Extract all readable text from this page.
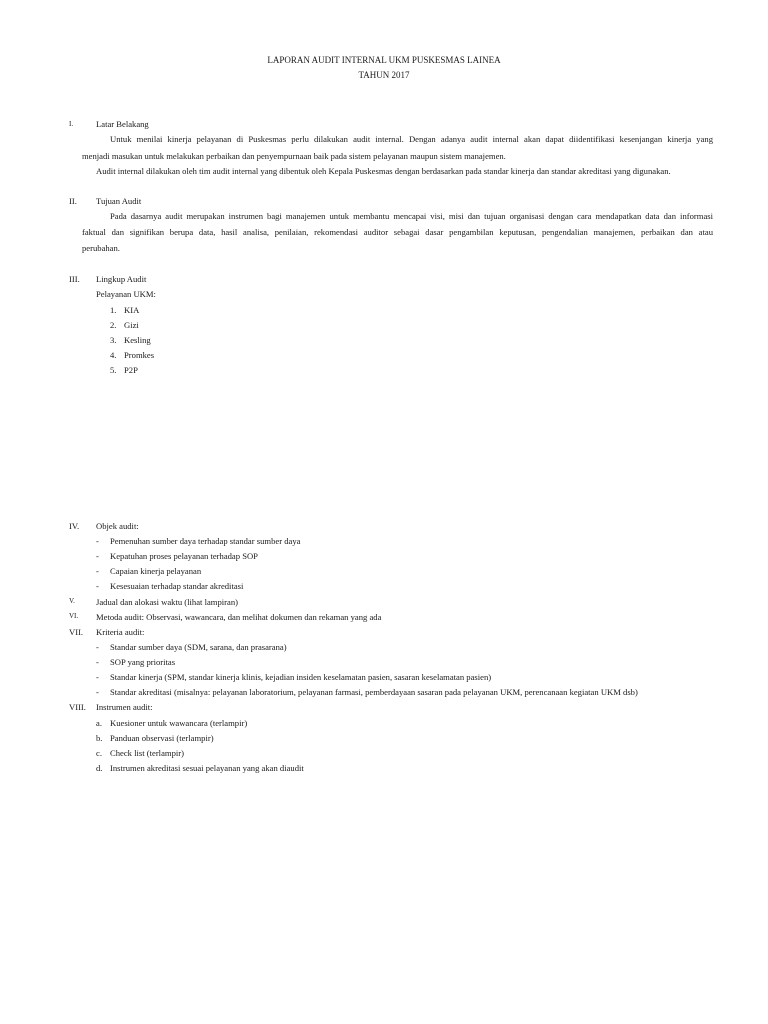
LAPORAN AUDIT INTERNAL UKM PUSKESMAS LAINEA
TAHUN 2017
I.	Latar Belakang
Untuk menilai kinerja pelayanan di Puskesmas perlu dilakukan audit internal. Dengan adanya audit internal akan dapat diidentifikasi kesenjangan kinerja yang
menjadi masukan untuk melakukan perbaikan dan penyempurnaan baik pada sistem pelayanan maupun sistem manajemen.
Audit internal dilakukan oleh tim audit internal yang dibentuk oleh Kepala Puskesmas dengan berdasarkan pada standar kinerja dan standar akreditasi yang digunakan.
II. Tujuan Audit
Pada dasarnya audit merupakan instrumen bagi manajemen untuk membantu mencapai visi, misi dan tujuan organisasi dengan cara mendapatkan data dan informasi
faktual dan signifikan berupa data, hasil analisa, penilaian, rekomendasi auditor sebagai dasar pengambilan keputusan, pengendalian manajemen, perbaikan dan atau
perubahan.
III. Lingkup Audit
Pelayanan UKM:
1. KIA
2. Gizi
3. Kesling
4. Promkes
5. P2P
IV. Objek audit:
- Pemenuhan sumber daya terhadap standar sumber daya
- Kepatuhan proses pelayanan terhadap SOP
- Capaian kinerja pelayanan
- Kesesuaian terhadap standar akreditasi
V. Jadual dan alokasi waktu (lihat lampiran)
VI. Metoda audit: Observasi, wawancara, dan melihat dokumen dan rekaman yang ada
VII. Kriteria audit:
- Standar sumber daya (SDM, sarana, dan prasarana)
- SOP yang prioritas
- Standar kinerja (SPM, standar kinerja klinis, kejadian insiden keselamatan pasien, sasaran keselamatan pasien)
- Standar akreditasi (misalnya: pelayanan laboratorium, pelayanan farmasi, pemberdayaan sasaran pada pelayanan UKM, perencanaan kegiatan UKM dsb)
VIII. Instrumen audit:
a. Kuesioner untuk wawancara (terlampir)
b. Panduan observasi (terlampir)
c. Check list (terlampir)
d. Instrumen akreditasi sesuai pelayanan yang akan diaudit
